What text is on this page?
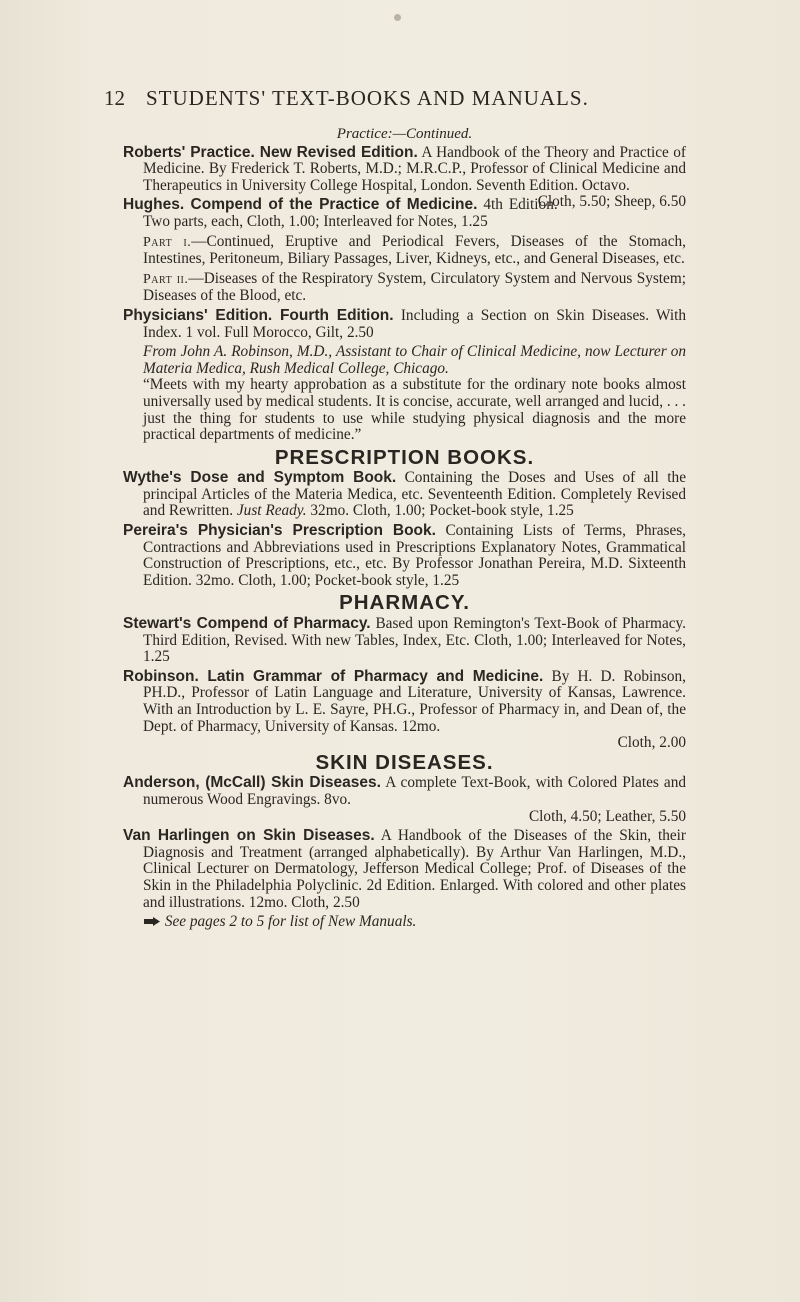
12 STUDENTS' TEXT-BOOKS AND MANUALS.
Practice:—Continued.
Roberts' Practice. New Revised Edition. A Handbook of the Theory and Practice of Medicine. By Frederick T. Roberts, M.D.; M.R.C.P., Professor of Clinical Medicine and Therapeutics in University College Hospital, London. Seventh Edition. Octavo.
Cloth, 5.50; Sheep, 6.50
Hughes. Compend of the Practice of Medicine. 4th Edition. Two parts, each, Cloth, 1.00; Interleaved for Notes, 1.25
Part i.—Continued, Eruptive and Periodical Fevers, Diseases of the Stomach, Intestines, Peritoneum, Biliary Passages, Liver, Kidneys, etc., and General Diseases, etc.
Part ii.—Diseases of the Respiratory System, Circulatory System and Nervous System; Diseases of the Blood, etc.
Physicians' Edition. Fourth Edition. Including a Section on Skin Diseases. With Index. 1 vol. Full Morocco, Gilt, 2.50
From John A. Robinson, M.D., Assistant to Chair of Clinical Medicine, now Lecturer on Materia Medica, Rush Medical College, Chicago.
“Meets with my hearty approbation as a substitute for the ordinary note books almost universally used by medical students. It is concise, accurate, well arranged and lucid, . . . just the thing for students to use while studying physical diagnosis and the more practical departments of medicine.”
PRESCRIPTION BOOKS.
Wythe's Dose and Symptom Book. Containing the Doses and Uses of all the principal Articles of the Materia Medica, etc. Seventeenth Edition. Completely Revised and Rewritten. Just Ready. 32mo. Cloth, 1.00; Pocket-book style, 1.25
Pereira's Physician's Prescription Book. Containing Lists of Terms, Phrases, Contractions and Abbreviations used in Prescriptions Explanatory Notes, Grammatical Construction of Prescriptions, etc., etc. By Professor Jonathan Pereira, M.D. Sixteenth Edition. 32mo. Cloth, 1.00; Pocket-book style, 1.25
PHARMACY.
Stewart's Compend of Pharmacy. Based upon Remington's Text-Book of Pharmacy. Third Edition, Revised. With new Tables, Index, Etc. Cloth, 1.00; Interleaved for Notes, 1.25
Robinson. Latin Grammar of Pharmacy and Medicine. By H. D. Robinson, PH.D., Professor of Latin Language and Literature, University of Kansas, Lawrence. With an Introduction by L. E. Sayre, PH.G., Professor of Pharmacy in, and Dean of, the Dept. of Pharmacy, University of Kansas. 12mo.
Cloth, 2.00
SKIN DISEASES.
Anderson, (McCall) Skin Diseases. A complete Text-Book, with Colored Plates and numerous Wood Engravings. 8vo.
Cloth, 4.50; Leather, 5.50
Van Harlingen on Skin Diseases. A Handbook of the Diseases of the Skin, their Diagnosis and Treatment (arranged alphabetically). By Arthur Van Harlingen, M.D., Clinical Lecturer on Dermatology, Jefferson Medical College; Prof. of Diseases of the Skin in the Philadelphia Polyclinic. 2d Edition. Enlarged. With colored and other plates and illustrations. 12mo. Cloth, 2.50
See pages 2 to 5 for list of New Manuals.
